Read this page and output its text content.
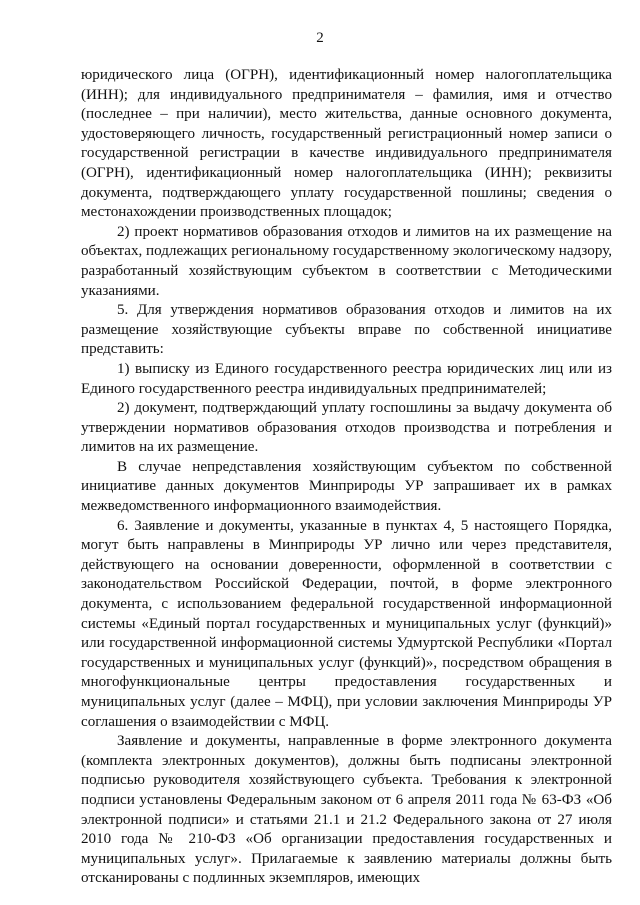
2

юридического лица (ОГРН), идентификационный номер налогоплательщика (ИНН); для индивидуального предпринимателя – фамилия, имя и отчество (последнее – при наличии), место жительства, данные основного документа, удостоверяющего личность, государственный регистрационный номер записи о государственной регистрации в качестве индивидуального предпринимателя (ОГРН), идентификационный номер налогоплательщика (ИНН); реквизиты документа, подтверждающего уплату государственной пошлины; сведения о местонахождении производственных площадок;

2) проект нормативов образования отходов и лимитов на их размещение на объектах, подлежащих региональному государственному экологическому надзору, разработанный хозяйствующим субъектом в соответствии с Методическими указаниями.

5. Для утверждения нормативов образования отходов и лимитов на их размещение хозяйствующие субъекты вправе по собственной инициативе представить:

1) выписку из Единого государственного реестра юридических лиц или из Единого государственного реестра индивидуальных предпринимателей;

2) документ, подтверждающий уплату госпошлины за выдачу документа об утверждении нормативов образования отходов производства и потребления и лимитов на их размещение.

В случае непредставления хозяйствующим субъектом по собственной инициативе данных документов Минприроды УР запрашивает их в рамках межведомственного информационного взаимодействия.

6. Заявление и документы, указанные в пунктах 4, 5 настоящего Порядка, могут быть направлены в Минприроды УР лично или через представителя, действующего на основании доверенности, оформленной в соответствии с законодательством Российской Федерации, почтой, в форме электронного документа, с использованием федеральной государственной информационной системы «Единый портал государственных и муниципальных услуг (функций)» или государственной информационной системы Удмуртской Республики «Портал государственных и муниципальных услуг (функций)», посредством обращения в многофункциональные центры предоставления государственных и муниципальных услуг (далее – МФЦ), при условии заключения Минприроды УР соглашения о взаимодействии с МФЦ.

Заявление и документы, направленные в форме электронного документа (комплекта электронных документов), должны быть подписаны электронной подписью руководителя хозяйствующего субъекта. Требования к электронной подписи установлены Федеральным законом от 6 апреля 2011 года № 63-ФЗ «Об электронной подписи» и статьями 21.1 и 21.2 Федерального закона от 27 июля 2010 года № 210-ФЗ «Об организации предоставления государственных и муниципальных услуг». Прилагаемые к заявлению материалы должны быть отсканированы с подлинных экземпляров, имеющих
